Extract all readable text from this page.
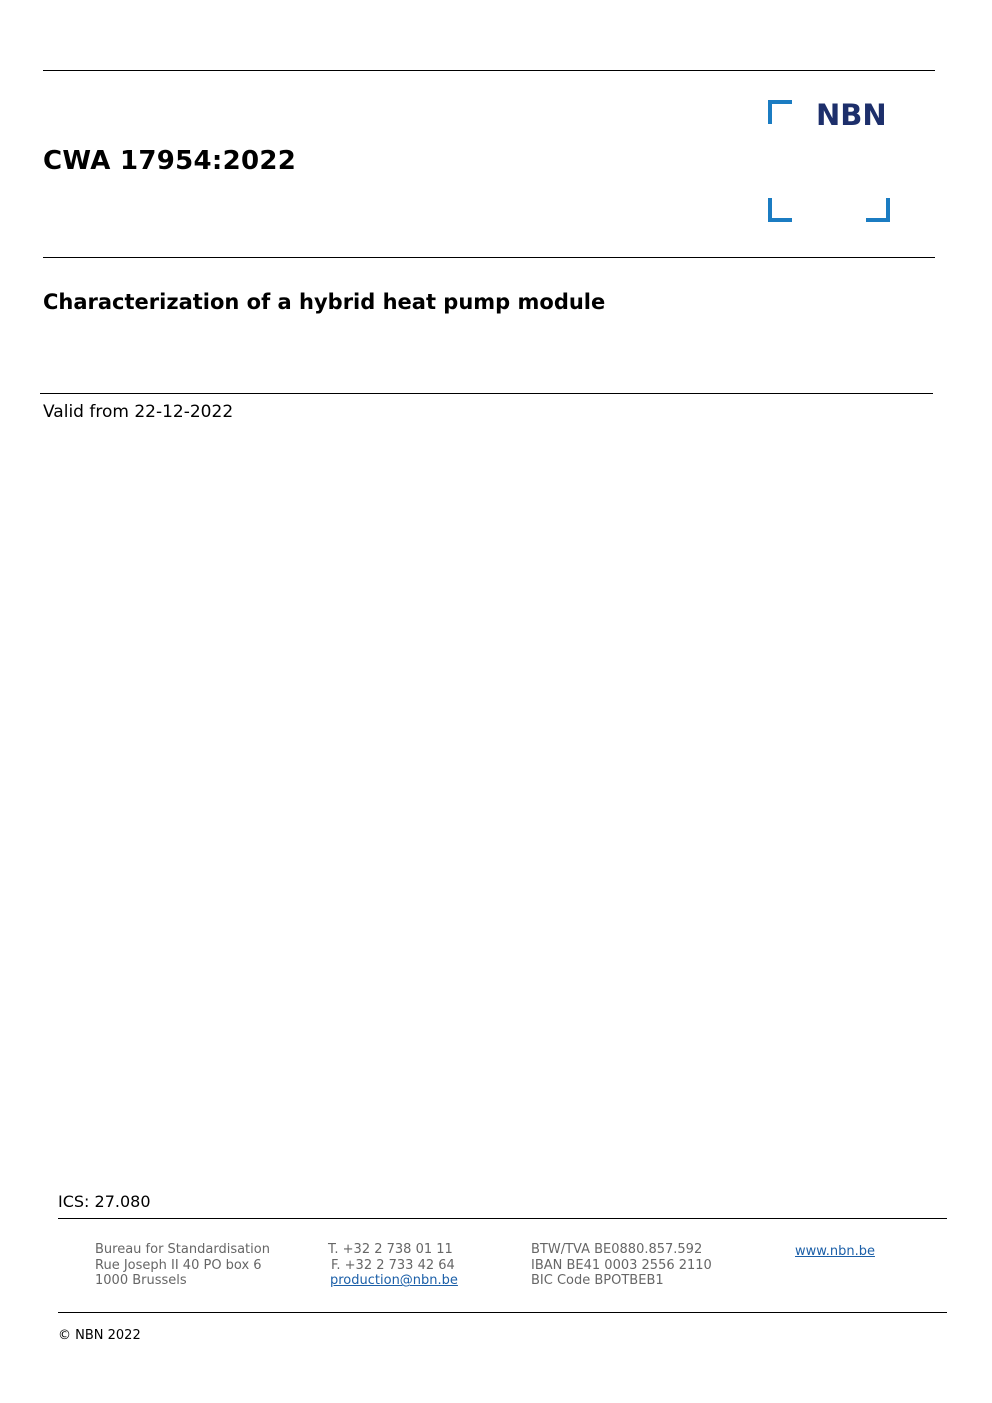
CWA 17954:2022
NBN
Characterization of a hybrid heat pump module
Valid from 22-12-2022
ICS: 27.080
Bureau for Standardisation
Rue Joseph II 40 PO box 6
1000 Brussels
T. +32 2 738 01 11
F. +32 2 733 42 64
production@nbn.be
BTW/TVA BE0880.857.592
IBAN BE41 0003 2556 2110
BIC Code BPOTBEB1
www.nbn.be
© NBN 2022
